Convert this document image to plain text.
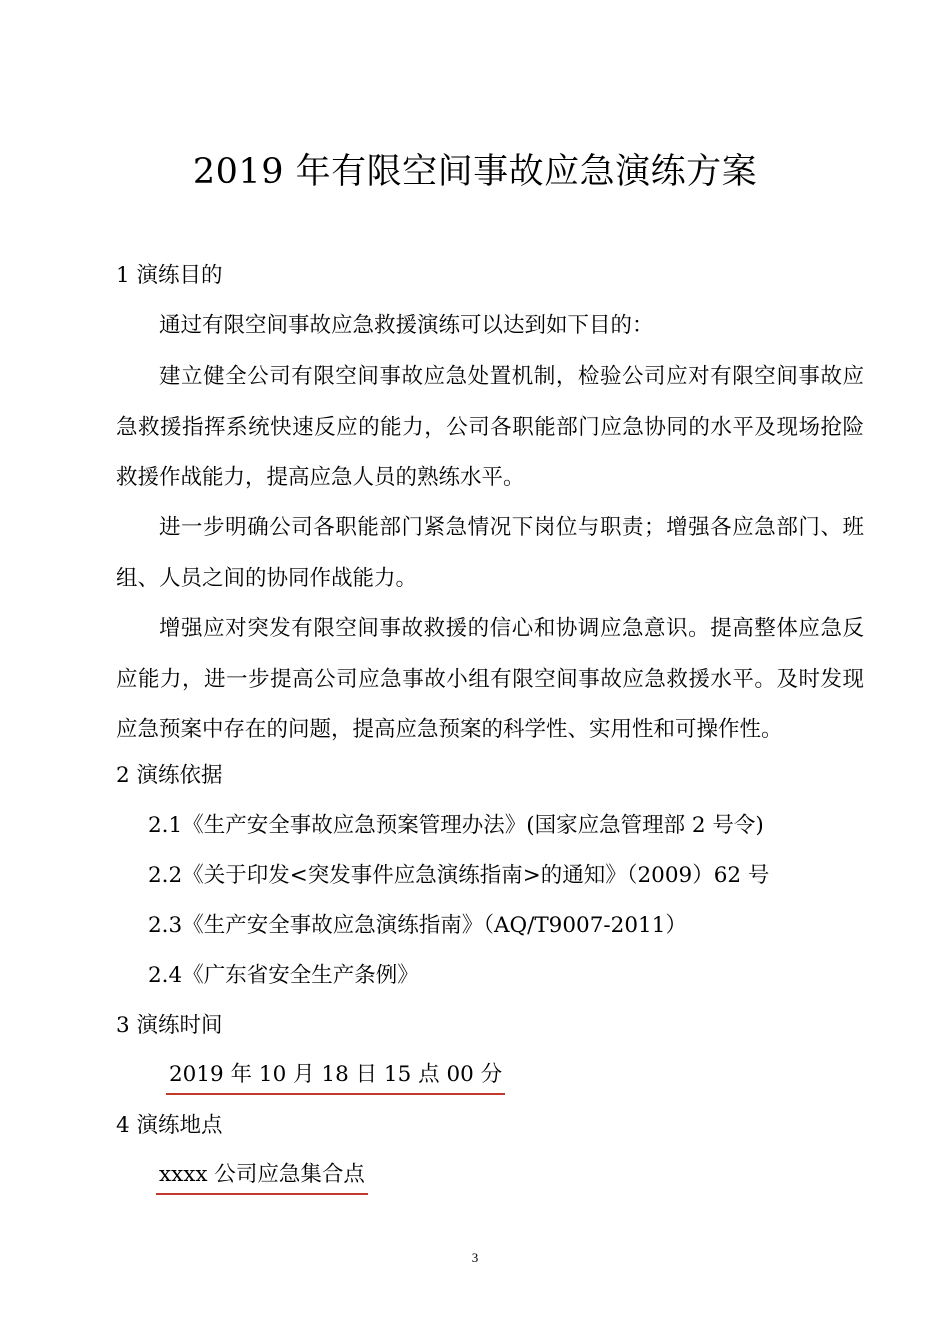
2019 年有限空间事故应急演练方案
1 演练目的
通过有限空间事故应急救援演练可以达到如下目的：
建立健全公司有限空间事故应急处置机制，检验公司应对有限空间事故应急救援指挥系统快速反应的能力，公司各职能部门应急协同的水平及现场抢险救援作战能力，提高应急人员的熟练水平。
进一步明确公司各职能部门紧急情况下岗位与职责；增强各应急部门、班组、人员之间的协同作战能力。
增强应对突发有限空间事故救援的信心和协调应急意识。提高整体应急反应能力，进一步提高公司应急事故小组有限空间事故应急救援水平。及时发现应急预案中存在的问题，提高应急预案的科学性、实用性和可操作性。
2 演练依据
2.1《生产安全事故应急预案管理办法》(国家应急管理部 2 号令)
2.2《关于印发<突发事件应急演练指南>的通知》（2009）62 号
2.3《生产安全事故应急演练指南》（AQ/T9007-2011）
2.4《广东省安全生产条例》
3 演练时间
2019 年 10 月 18 日 15 点 00 分
4 演练地点
xxxx 公司应急集合点
3
